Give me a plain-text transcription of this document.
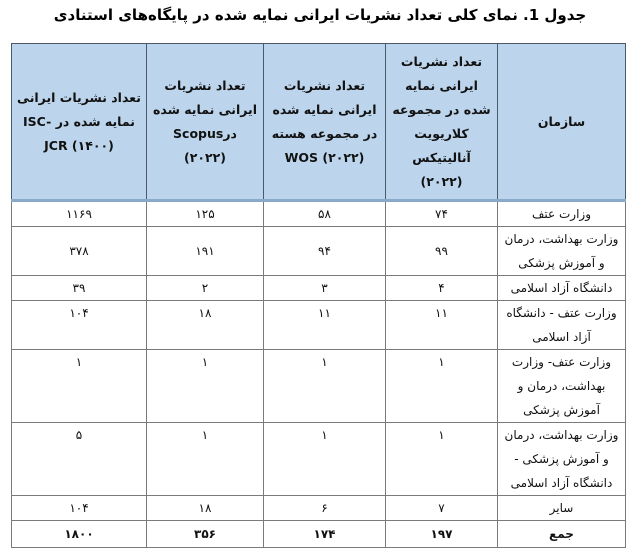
جدول 1. نمای کلی تعداد نشریات ایرانی نمایه شده در پایگاه‌های استنادی
سازمان	تعداد نشریات ایرانی نمایه شده در مجموعه کلاریویت آنالیتیکس (۲۰۲۲)	تعداد نشریات ایرانی نمایه شده در مجموعه هسته WOS (۲۰۲۲)	تعداد نشریات ایرانی نمایه شده درScopus (۲۰۲۲)	تعداد نشریات ایرانی نمایه شده در ISC- JCR (۱۴۰۰)
وزارت عتف	۷۴	۵۸	۱۲۵	۱۱۶۹
وزارت بهداشت، درمان و آموزش پزشکی	۹۹	۹۴	۱۹۱	۳۷۸
دانشگاه آزاد اسلامی	۴	۳	۲	۳۹
وزارت عتف - دانشگاه آزاد اسلامی	۱۱	۱۱	۱۸	۱۰۴
وزارت عتف- وزارت بهداشت، درمان و آموزش پزشکی	۱	۱	۱	۱
وزارت بهداشت، درمان و آموزش پزشکی - دانشگاه آزاد اسلامی	۱	۱	۱	۵
سایر	۷	۶	۱۸	۱۰۴
جمع	۱۹۷	۱۷۴	۳۵۶	۱۸۰۰
